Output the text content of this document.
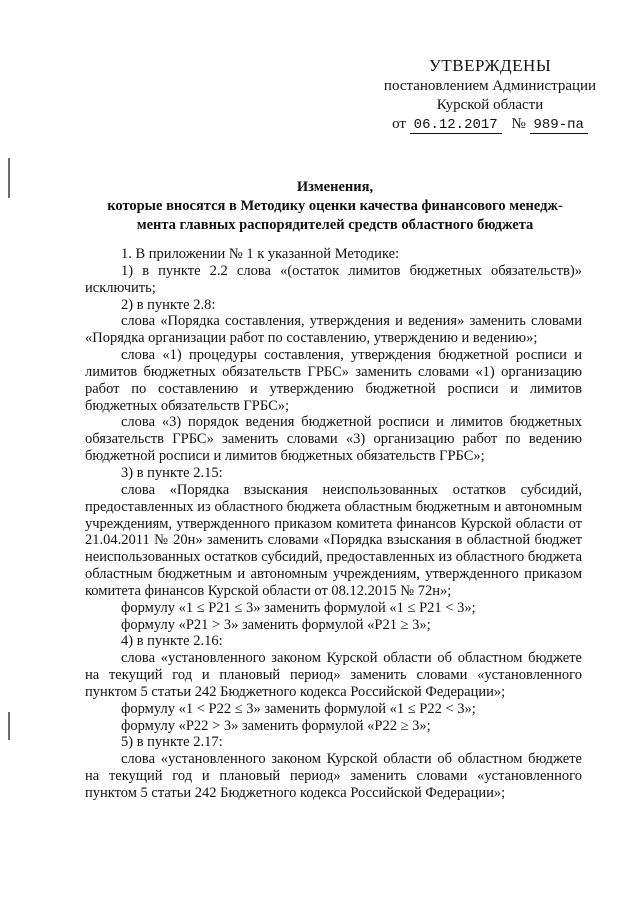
УТВЕРЖДЕНЫ
постановлением Администрации
Курской области
от 06.12.2017 № 989-па
Изменения,
которые вносятся в Методику оценки качества финансового менедж-
мента главных распорядителей средств областного бюджета

1. В приложении № 1 к указанной Методике:

1) в пункте 2.2 слова «(остаток лимитов бюджетных обязательств)» исключить;

2) в пункте 2.8:

слова «Порядка составления, утверждения и ведения» заменить словами «Порядка организации работ по составлению, утверждению и ведению»;

слова «1) процедуры составления, утверждения бюджетной росписи и лимитов бюджетных обязательств ГРБС» заменить словами «1) организацию работ по составлению и утверждению бюджетной росписи и лимитов бюджетных обязательств ГРБС»;

слова «3) порядок ведения бюджетной росписи и лимитов бюджетных обязательств ГРБС» заменить словами «3) организацию работ по ведению бюджетной росписи и лимитов бюджетных обязательств ГРБС»;

3) в пункте 2.15:

слова «Порядка взыскания неиспользованных остатков субсидий, предоставленных из областного бюджета областным бюджетным и автономным учреждениям, утвержденного приказом комитета финансов Курской области от 21.04.2011 № 20н» заменить словами «Порядка взыскания в областной бюджет неиспользованных остатков субсидий, предоставленных из областного бюджета областным бюджетным и автономным учреждениям, утвержденного приказом комитета финансов Курской области от 08.12.2015 № 72н»;

формулу «1 ≤ P21 ≤ 3» заменить формулой «1 ≤ P21 < 3»;

формулу «P21 > 3» заменить формулой «P21 ≥ 3»;

4) в пункте 2.16:

слова «установленного законом Курской области об областном бюджете на текущий год и плановый период» заменить словами «установленного пунктом 5 статьи 242 Бюджетного кодекса Российской Федерации»;

формулу «1 < P22 ≤ 3» заменить формулой «1 ≤ P22 < 3»;

формулу «P22 > 3» заменить формулой «P22 ≥ 3»;

5) в пункте 2.17:

слова «установленного законом Курской области об областном бюджете на текущий год и плановый период» заменить словами «установленного пунктом 5 статьи 242 Бюджетного кодекса Российской Федерации»;
